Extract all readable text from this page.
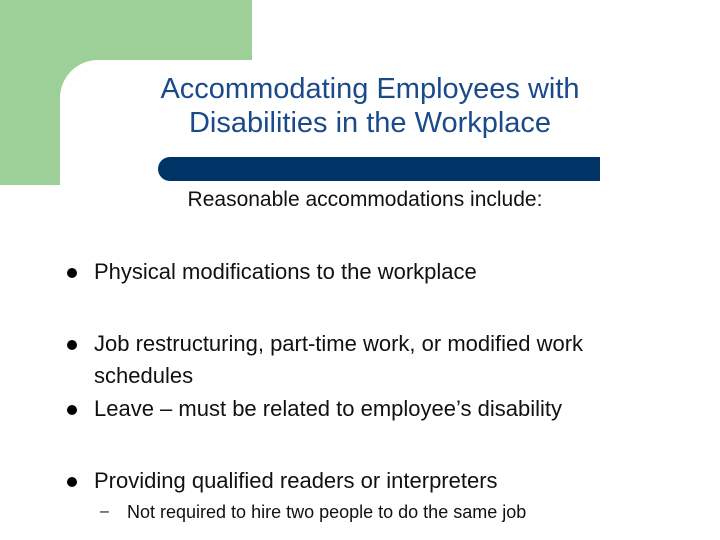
Accommodating Employees with
Disabilities in the Workplace
Reasonable accommodations include:
Physical modifications to the workplace
Job restructuring, part-time work, or modified work schedules
Leave – must be related to employee’s disability
Providing qualified readers or interpreters
– Not required to hire two people to do the same job
